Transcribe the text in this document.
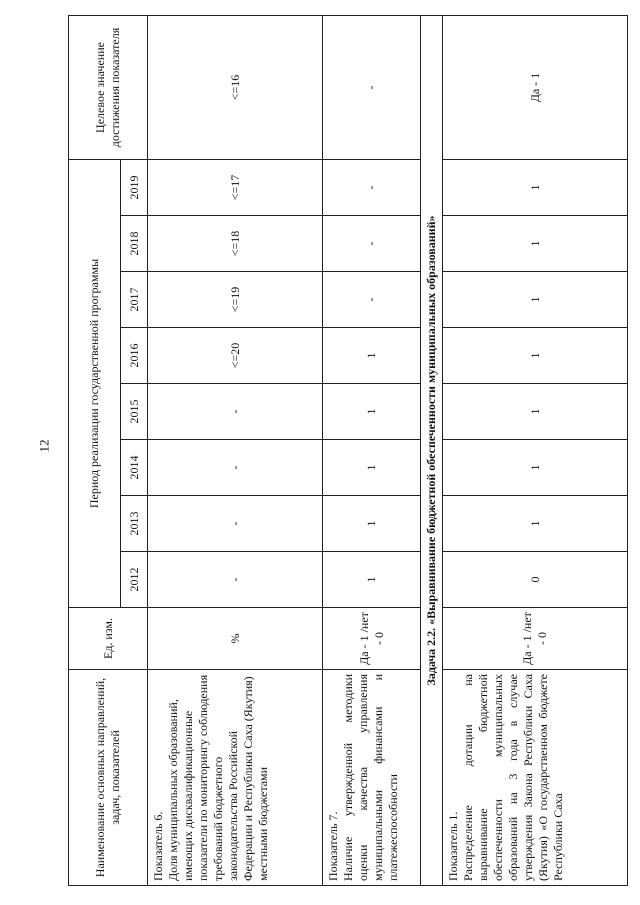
12
Наименование основных направлений, задач, показателей	Ед. изм.	Период реализации государственной программы								Целевое значение достижения показателя
		2012	2013	2014	2015	2016	2017	2018	2019	
Показатель 6.
Доля муниципальных образований, имеющих дисквалификационные показатели по мониторингу соблюдения требований бюджетного законодательства Российской Федерации и Республики Саха (Якутия) местными бюджетами	%	-	-	-	-	<=20	<=19	<=18	<=17	<=16
Показатель 7.
Наличие утвержденной методики оценки качества управления муниципальными финансами и платежеспособности	Да - 1 /нет - 0	1	1	1	1	1	-	-	-	-
Задача 2.2. «Выравнивание бюджетной обеспеченности муниципальных образований»										
Показатель 1.
Распределение дотации на выравнивание бюджетной обеспеченности муниципальных образований на 3 года в случае утверждения Закона Республики Саха (Якутия) «О государственном бюджете Республики Саха	Да - 1 /нет - 0	0	1	1	1	1	1	1	1	Да - 1
